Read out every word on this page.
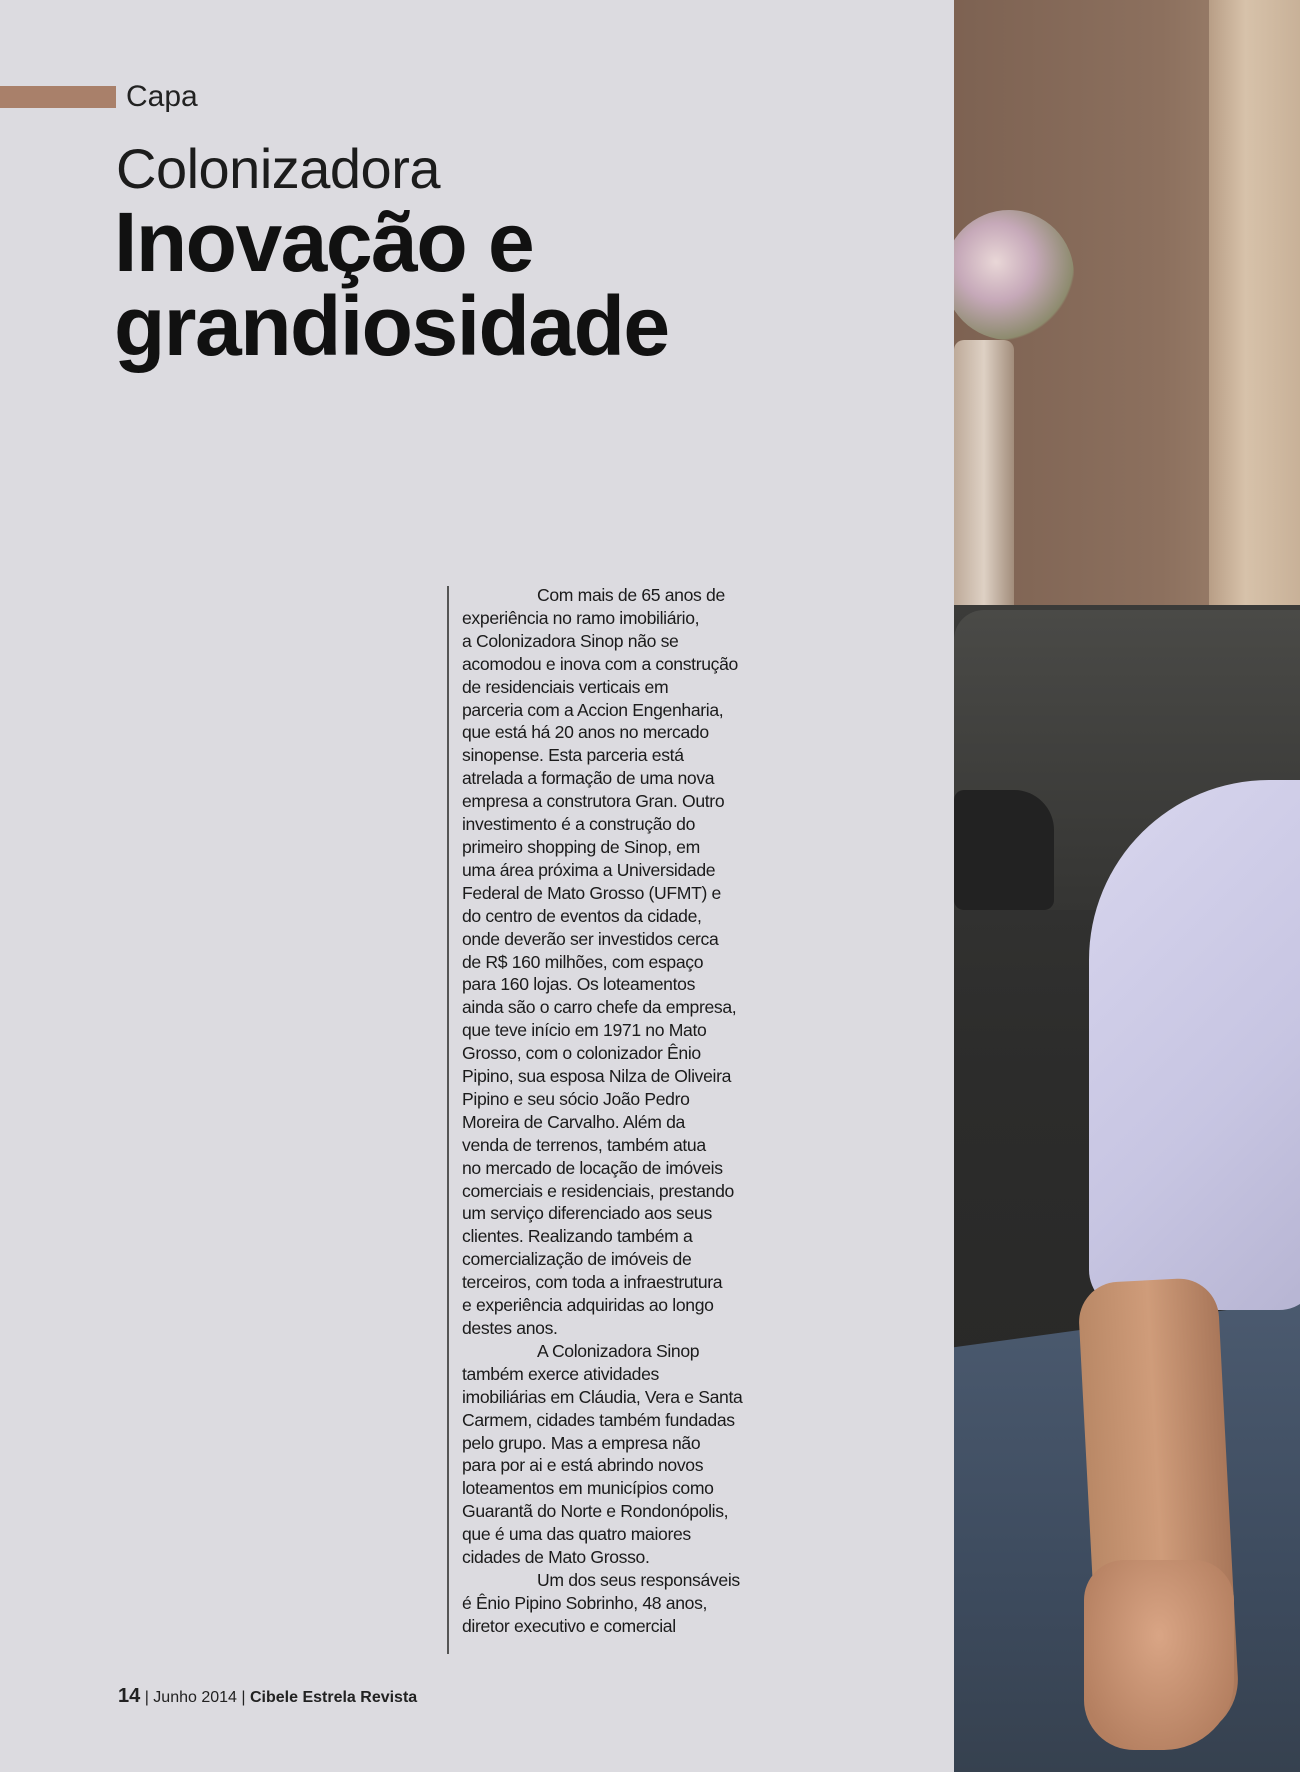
Capa
Colonizadora
Inovação e
grandiosidade
Com mais de 65 anos de
experiência no ramo imobiliário,
a Colonizadora Sinop não se
acomodou e inova com a construção
de residenciais verticais em
parceria com a Accion Engenharia,
que está há 20 anos no mercado
sinopense. Esta parceria está
atrelada a formação de uma nova
empresa a construtora Gran. Outro
investimento é a construção do
primeiro shopping de Sinop, em
uma área próxima a Universidade
Federal de Mato Grosso (UFMT) e
do centro de eventos da cidade,
onde deverão ser investidos cerca
de R$ 160 milhões, com espaço
para 160 lojas. Os loteamentos
ainda são o carro chefe da empresa,
que teve início em 1971 no Mato
Grosso, com o colonizador Ênio
Pipino, sua esposa Nilza de Oliveira
Pipino e seu sócio João Pedro
Moreira de Carvalho. Além da
venda de terrenos, também atua
no mercado de locação de imóveis
comerciais e residenciais, prestando
um serviço diferenciado aos seus
clientes. Realizando também a
comercialização de imóveis de
terceiros, com toda a infraestrutura
e experiência adquiridas ao longo
destes anos.
A Colonizadora Sinop
também exerce atividades
imobiliárias em Cláudia, Vera e Santa
Carmem, cidades também fundadas
pelo grupo. Mas a empresa não
para por ai e está abrindo novos
loteamentos em municípios como
Guarantã do Norte e Rondonópolis,
que é uma das quatro maiores
cidades de Mato Grosso.
Um dos seus responsáveis
é Ênio Pipino Sobrinho, 48 anos,
diretor executivo e comercial
14 | Junho 2014 | Cibele Estrela Revista
